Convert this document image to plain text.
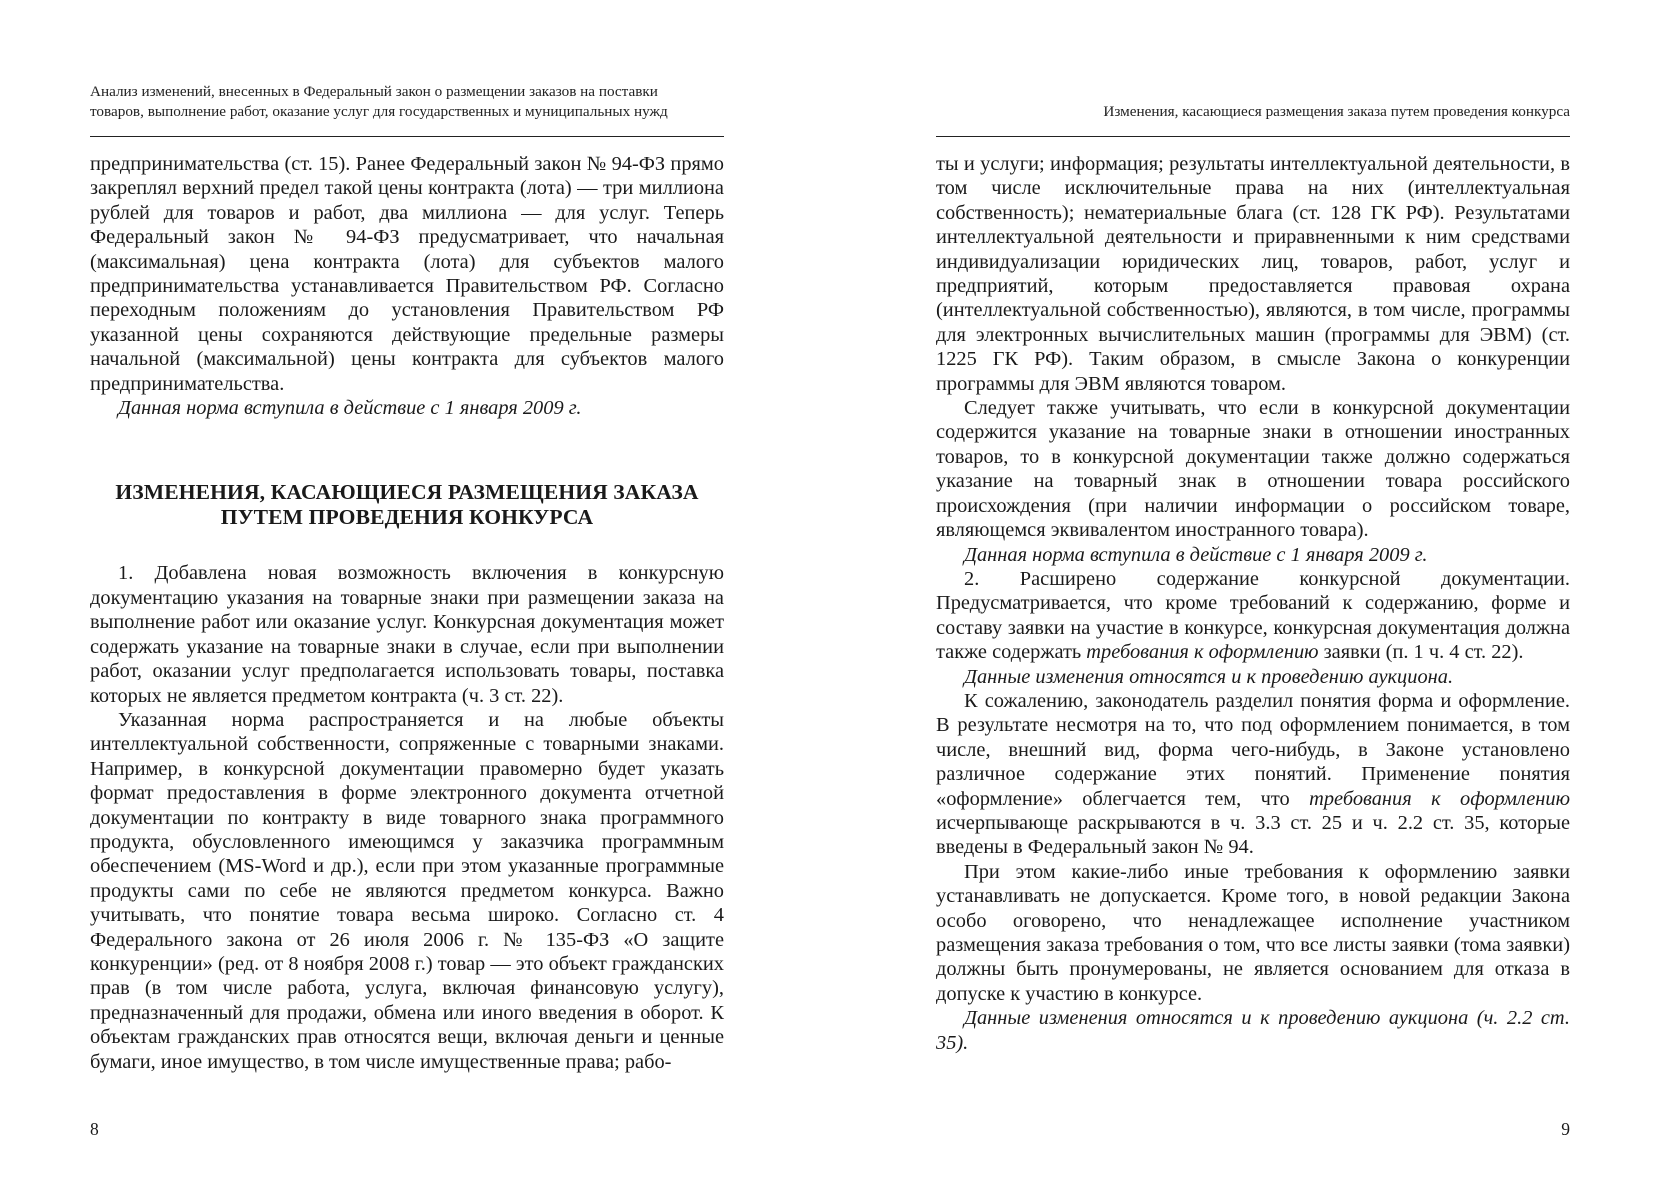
Анализ изменений, внесенных в Федеральный закон о размещении заказов на поставки
товаров, выполнение работ, оказание услуг для государственных и муниципальных нужд

предпринимательства (ст. 15). Ранее Федеральный закон № 94-ФЗ прямо закреплял верхний предел такой цены контракта (лота) — три миллиона рублей для товаров и работ, два миллиона — для услуг. Теперь Федеральный закон № 94-ФЗ предусматривает, что начальная (максимальная) цена контракта (лота) для субъектов малого предпринимательства устанавливается Правительством РФ. Согласно переходным положениям до установления Правительством РФ указанной цены сохраняются действующие предельные размеры начальной (максимальной) цены контракта для субъектов малого предпринимательства.

Данная норма вступила в действие с 1 января 2009 г.

ИЗМЕНЕНИЯ, КАСАЮЩИЕСЯ РАЗМЕЩЕНИЯ ЗАКАЗА
ПУТЕМ ПРОВЕДЕНИЯ КОНКУРСА

1. Добавлена новая возможность включения в конкурсную документацию указания на товарные знаки при размещении заказа на выполнение работ или оказание услуг. Конкурсная документация может содержать указание на товарные знаки в случае, если при выполнении работ, оказании услуг предполагается использовать товары, поставка которых не является предметом контракта (ч. 3 ст. 22).

Указанная норма распространяется и на любые объекты интеллектуальной собственности, сопряженные с товарными знаками. Например, в конкурсной документации правомерно будет указать формат предоставления в форме электронного документа отчетной документации по контракту в виде товарного знака программного продукта, обусловленного имеющимся у заказчика программным обеспечением (MS-Word и др.), если при этом указанные программные продукты сами по себе не являются предметом конкурса. Важно учитывать, что понятие товара весьма широко. Согласно ст. 4 Федерального закона от 26 июля 2006 г. № 135-ФЗ «О защите конкуренции» (ред. от 8 ноября 2008 г.) товар — это объект гражданских прав (в том числе работа, услуга, включая финансовую услугу), предназначенный для продажи, обмена или иного введения в оборот. К объектам гражданских прав относятся вещи, включая деньги и ценные бумаги, иное имущество, в том числе имущественные права; рабо-

8
Изменения, касающиеся размещения заказа путем проведения конкурса

ты и услуги; информация; результаты интеллектуальной деятельности, в том числе исключительные права на них (интеллектуальная собственность); нематериальные блага (ст. 128 ГК РФ). Результатами интеллектуальной деятельности и приравненными к ним средствами индивидуализации юридических лиц, товаров, работ, услуг и предприятий, которым предоставляется правовая охрана (интеллектуальной собственностью), являются, в том числе, программы для электронных вычислительных машин (программы для ЭВМ) (ст. 1225 ГК РФ). Таким образом, в смысле Закона о конкуренции программы для ЭВМ являются товаром.

Следует также учитывать, что если в конкурсной документации содержится указание на товарные знаки в отношении иностранных товаров, то в конкурсной документации также должно содержаться указание на товарный знак в отношении товара российского происхождения (при наличии информации о российском товаре, являющемся эквивалентом иностранного товара).

Данная норма вступила в действие с 1 января 2009 г.

2. Расширено содержание конкурсной документации. Предусматривается, что кроме требований к содержанию, форме и составу заявки на участие в конкурсе, конкурсная документация должна также содержать требования к оформлению заявки (п. 1 ч. 4 ст. 22).

Данные изменения относятся и к проведению аукциона.

К сожалению, законодатель разделил понятия форма и оформление. В результате несмотря на то, что под оформлением понимается, в том числе, внешний вид, форма чего-нибудь, в Законе установлено различное содержание этих понятий. Применение понятия «оформление» облегчается тем, что требования к оформлению исчерпывающе раскрываются в ч. 3.3 ст. 25 и ч. 2.2 ст. 35, которые введены в Федеральный закон № 94.

При этом какие-либо иные требования к оформлению заявки устанавливать не допускается. Кроме того, в новой редакции Закона особо оговорено, что ненадлежащее исполнение участником размещения заказа требования о том, что все листы заявки (тома заявки) должны быть пронумерованы, не является основанием для отказа в допуске к участию в конкурсе.

Данные изменения относятся и к проведению аукциона (ч. 2.2 ст. 35).

9
